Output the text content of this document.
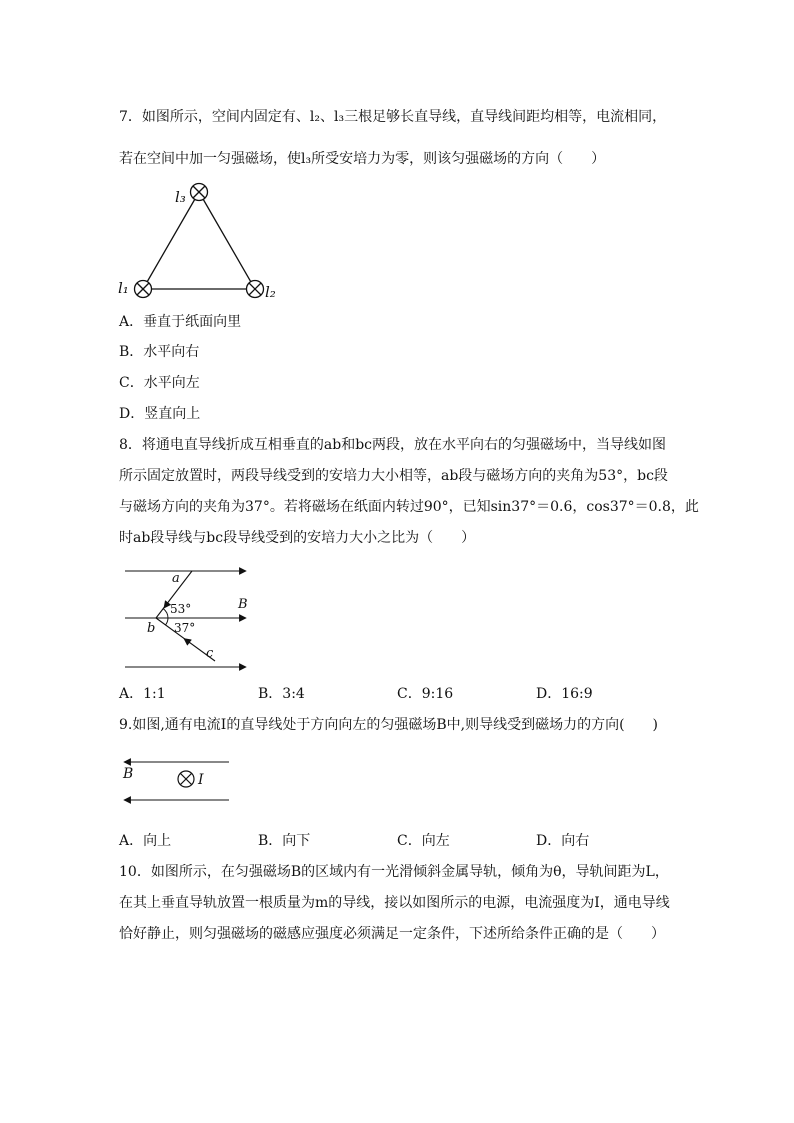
7．如图所示，空间内固定有、l₂、l₃三根足够长直导线，直导线间距均相等，电流相同，
若在空间中加一匀强磁场，使l₃所受安培力为零，则该匀强磁场的方向（　　）
l₃
l₁	l₂
A．垂直于纸面向里
B．水平向右
C．水平向左
D．竖直向上
8．将通电直导线折成互相垂直的ab和bc两段，放在水平向右的匀强磁场中，当导线如图
所示固定放置时，两段导线受到的安培力大小相等，ab段与磁场方向的夹角为53°，bc段
与磁场方向的夹角为37°。若将磁场在纸面内转过90°，已知sin37°＝0.6，cos37°＝0.8，此
时ab段导线与bc段导线受到的安培力大小之比为（　　）
a
b
c
B
53°
37°
A．1:1	B．3:4	C．9:16	D．16:9
9.如图,通有电流I的直导线处于方向向左的匀强磁场B中,则导线受到磁场力的方向(　　)
B	I
A．向上	B．向下	C．向左	D．向右
10．如图所示，在匀强磁场B的区域内有一光滑倾斜金属导轨，倾角为θ，导轨间距为L，
在其上垂直导轨放置一根质量为m的导线，接以如图所示的电源，电流强度为I，通电导线
恰好静止，则匀强磁场的磁感应强度必须满足一定条件，下述所给条件正确的是（　　）
